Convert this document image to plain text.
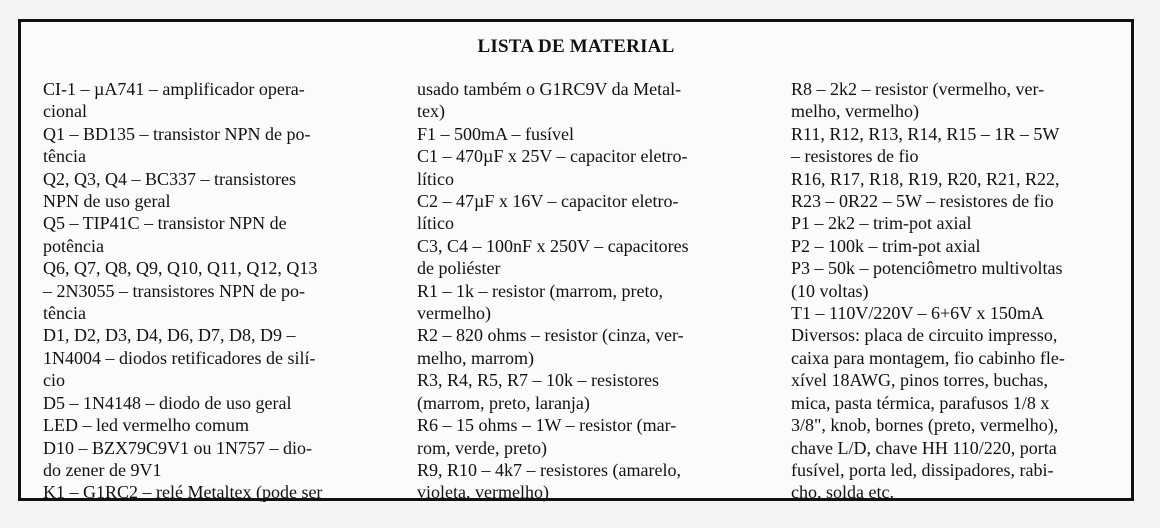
LISTA DE MATERIAL
CI-1 – µA741 – amplificador opera-
cional
Q1 – BD135 – transistor NPN de po-
tência
Q2, Q3, Q4 – BC337 – transistores
NPN de uso geral
Q5 – TIP41C – transistor NPN de
potência
Q6, Q7, Q8, Q9, Q10, Q11, Q12, Q13
– 2N3055 – transistores NPN de po-
tência
D1, D2, D3, D4, D6, D7, D8, D9 –
1N4004 – diodos retificadores de silí-
cio
D5 – 1N4148 – diodo de uso geral
LED – led vermelho comum
D10 – BZX79C9V1 ou 1N757 – dio-
do zener de 9V1
K1 – G1RC2 – relé Metaltex (pode ser
usado também o G1RC9V da Metal-
tex)
F1 – 500mA – fusível
C1 – 470µF x 25V – capacitor eletro-
lítico
C2 – 47µF x 16V – capacitor eletro-
lítico
C3, C4 – 100nF x 250V – capacitores
de poliéster
R1 – 1k – resistor (marrom, preto,
vermelho)
R2 – 820 ohms – resistor (cinza, ver-
melho, marrom)
R3, R4, R5, R7 – 10k – resistores
(marrom, preto, laranja)
R6 – 15 ohms – 1W – resistor (mar-
rom, verde, preto)
R9, R10 – 4k7 – resistores (amarelo,
violeta, vermelho)
R8 – 2k2 – resistor (vermelho, ver-
melho, vermelho)
R11, R12, R13, R14, R15 – 1R – 5W
– resistores de fio
R16, R17, R18, R19, R20, R21, R22,
R23 – 0R22 – 5W – resistores de fio
P1 – 2k2 – trim-pot axial
P2 – 100k – trim-pot axial
P3 – 50k – potenciômetro multivoltas
(10 voltas)
T1 – 110V/220V – 6+6V x 150mA
Diversos: placa de circuito impresso,
caixa para montagem, fio cabinho fle-
xível 18AWG, pinos torres, buchas,
mica, pasta térmica, parafusos 1/8 x
3/8", knob, bornes (preto, vermelho),
chave L/D, chave HH 110/220, porta
fusível, porta led, dissipadores, rabi-
cho, solda etc.
